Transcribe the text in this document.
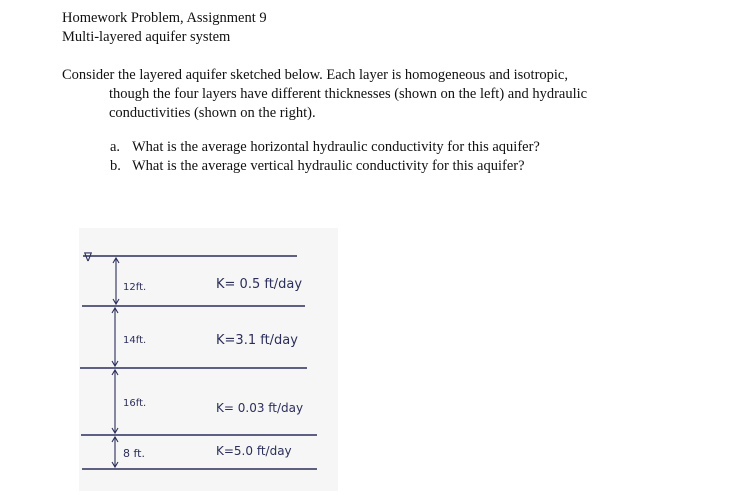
Homework Problem, Assignment 9
Multi-layered aquifer system
Consider the layered aquifer sketched below. Each layer is homogeneous and isotropic,
though the four layers have different thicknesses (shown on the left) and hydraulic
conductivities (shown on the right).
a. What is the average horizontal hydraulic conductivity for this aquifer?
b. What is the average vertical hydraulic conductivity for this aquifer?
∇
12ft.
14ft.
16ft.
8 ft.
K= 0.5 ft/day
K=3.1 ft/day
K= 0.03 ft/day
K=5.0 ft/day
